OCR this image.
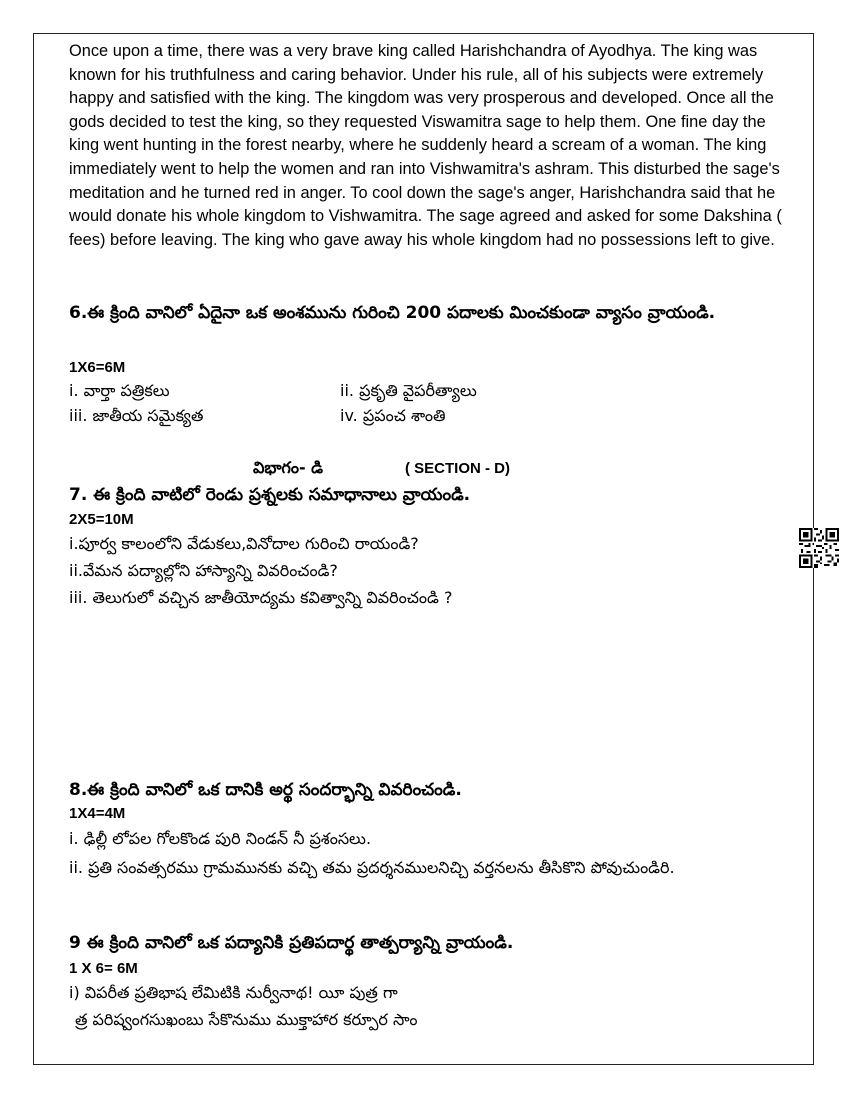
Once upon a time, there was a very brave king called Harishchandra of Ayodhya. The king was known for his truthfulness and caring behavior. Under his rule, all of his subjects were extremely happy and satisfied with the king. The kingdom was very prosperous and developed. Once all the gods decided to test the king, so they requested Viswamitra sage to help them. One fine day the king went hunting in the forest nearby, where he suddenly heard a scream of a woman. The king immediately went to help the women and ran into Vishwamitra's ashram. This disturbed the sage's meditation and he turned red in anger. To cool down the sage's anger, Harishchandra said that he would donate his whole kingdom to Vishwamitra. The sage agreed and asked for some Dakshina ( fees) before leaving. The king who gave away his whole kingdom had no possessions left to give.

6.ఈ క్రింది వానిలో ఏదైనా ఒక అంశమును గురించి 200 పదాలకు మించకుండా వ్యాసం వ్రాయండి.

1X6=6M

i. వార్తా పత్రికలు	ii. ప్రకృతి వైపరీత్యాలు

iii. జాతీయ సమైక్యత	iv. ప్రపంచ శాంతి

విభాగం- డి	( SECTION - D)

7. ఈ క్రింది వాటిలో రెండు ప్రశ్నలకు సమాధానాలు వ్రాయండి.

2X5=10M

i.పూర్వ కాలంలోని వేడుకలు,వినోదాల గురించి రాయండి?

ii.వేమన పద్యాల్లోని హాస్యాన్ని వివరించండి?

iii. తెలుగులో వచ్చిన జాతీయోద్యమ కవిత్వాన్ని వివరించండి ?

8.ఈ క్రింది వానిలో ఒక దానికి అర్థ సందర్భాన్ని వివరించండి.

1X4=4M

i. ఢిల్లీ లోపల గోలకొండ పురి నిండన్ నీ ప్రశంసలు.

ii. ప్రతి సంవత్సరము గ్రామమునకు వచ్చి తమ ప్రదర్శనములనిచ్చి వర్తనలను తీసికొని పోవుచుండిరి.

9 ఈ క్రింది వానిలో ఒక పద్యానికి ప్రతిపదార్థ తాత్పర్యాన్ని వ్రాయండి.

1 X 6= 6M

i) విపరీత ప్రతిభాష లేమిటికి నుర్వీనాథ! యీ పుత్ర గా

త్ర పరిష్వంగసుఖంబు సేకొనుము ముక్తాహార కర్పూర సాం
